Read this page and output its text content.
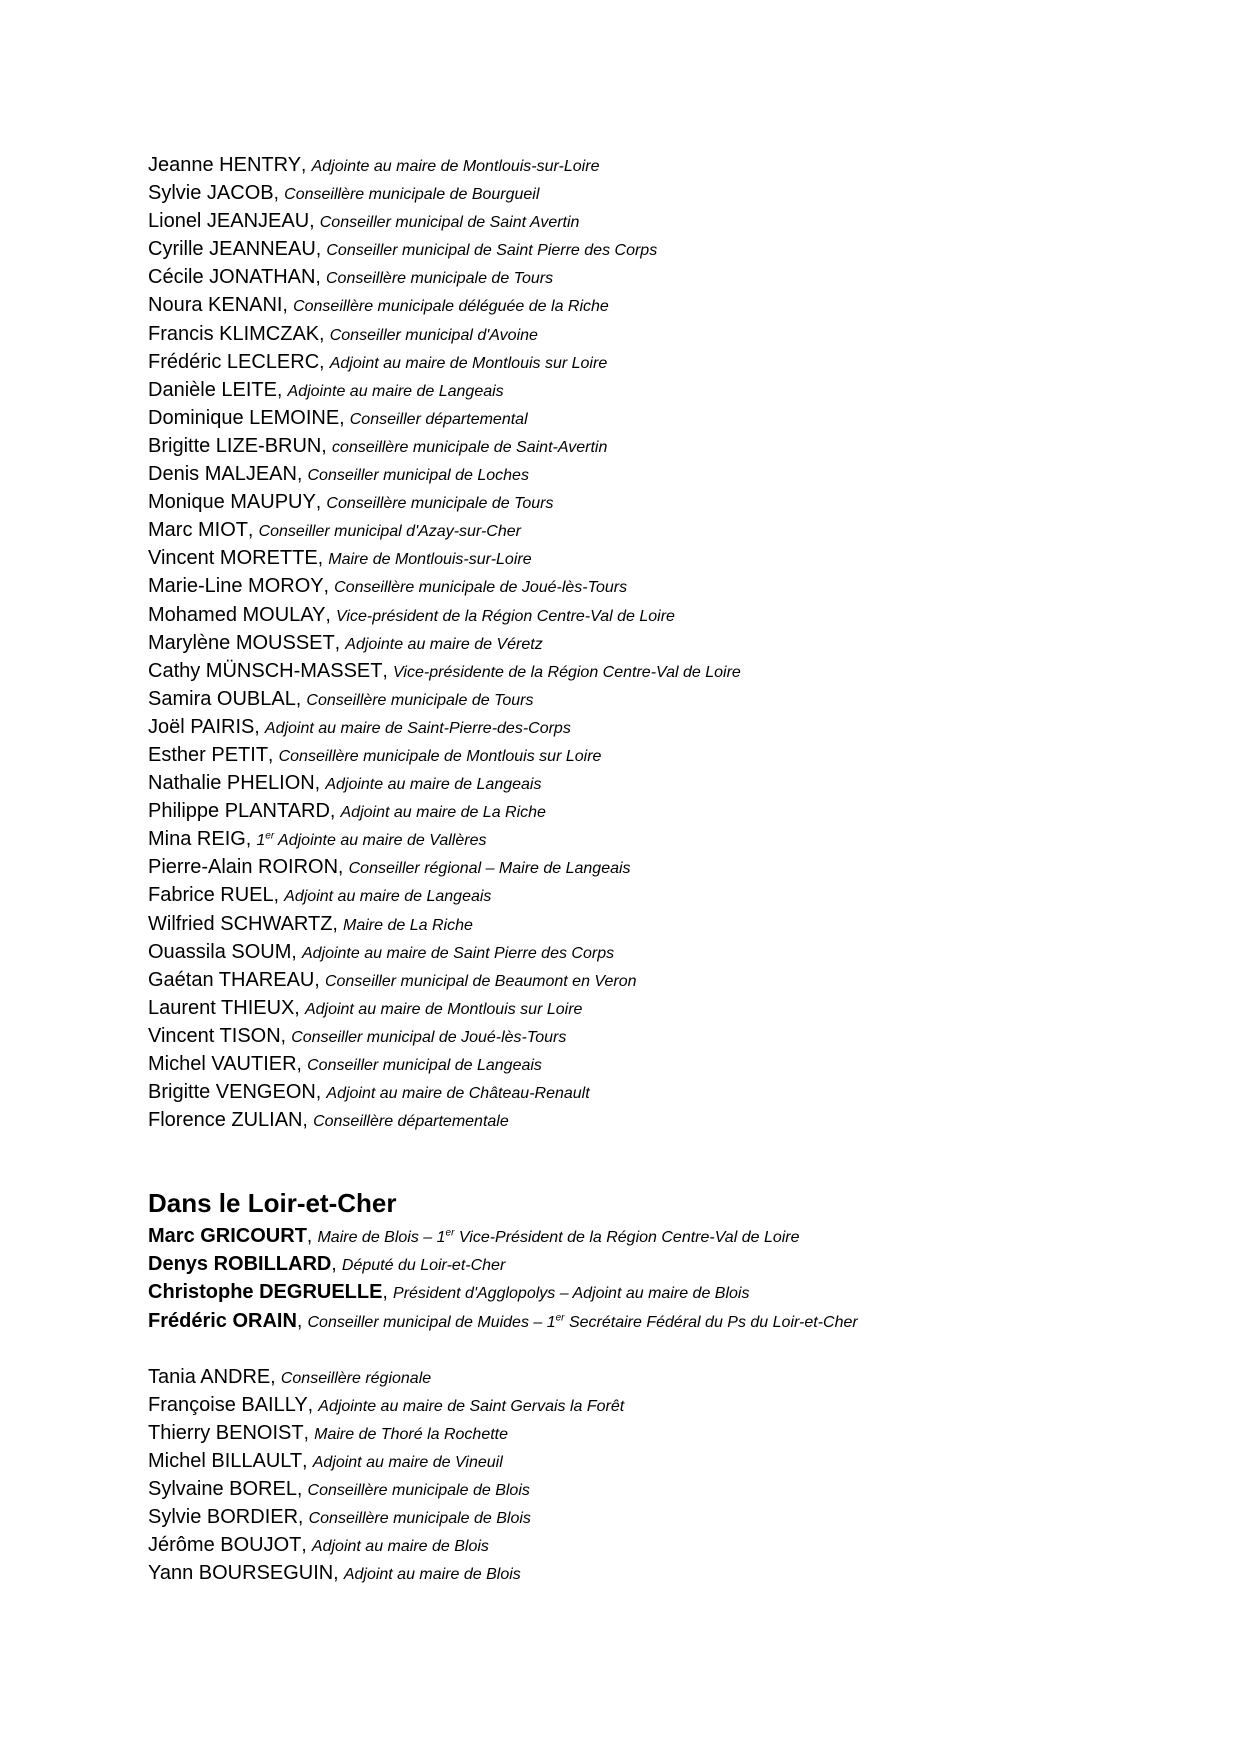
Jeanne HENTRY, Adjointe au maire de Montlouis-sur-Loire
Sylvie JACOB, Conseillère municipale de Bourgueil
Lionel JEANJEAU, Conseiller municipal de Saint Avertin
Cyrille JEANNEAU, Conseiller municipal de Saint Pierre des Corps
Cécile JONATHAN, Conseillère municipale de Tours
Noura KENANI, Conseillère municipale déléguée de la Riche
Francis KLIMCZAK, Conseiller municipal d'Avoine
Frédéric LECLERC, Adjoint au maire de Montlouis sur Loire
Danièle LEITE, Adjointe au maire de Langeais
Dominique LEMOINE, Conseiller départemental
Brigitte LIZE-BRUN, conseillère municipale de Saint-Avertin
Denis MALJEAN, Conseiller municipal de Loches
Monique MAUPUY, Conseillère municipale de Tours
Marc MIOT, Conseiller municipal d'Azay-sur-Cher
Vincent MORETTE, Maire de Montlouis-sur-Loire
Marie-Line MOROY, Conseillère municipale de Joué-lès-Tours
Mohamed MOULAY, Vice-président de la Région Centre-Val de Loire
Marylène MOUSSET, Adjointe au maire de Véretz
Cathy MÜNSCH-MASSET, Vice-présidente de la Région Centre-Val de Loire
Samira OUBLAL, Conseillère municipale de Tours
Joël PAIRIS, Adjoint au maire de Saint-Pierre-des-Corps
Esther PETIT, Conseillère municipale de Montlouis sur Loire
Nathalie PHELION, Adjointe au maire de Langeais
Philippe PLANTARD, Adjoint au maire de La Riche
Mina REIG, 1er Adjointe au maire de Vallères
Pierre-Alain ROIRON, Conseiller régional – Maire de Langeais
Fabrice RUEL, Adjoint au maire de Langeais
Wilfried SCHWARTZ, Maire de La Riche
Ouassila SOUM, Adjointe au maire de Saint Pierre des Corps
Gaétan THAREAU, Conseiller municipal de Beaumont en Veron
Laurent THIEUX, Adjoint au maire de Montlouis sur Loire
Vincent TISON, Conseiller municipal de Joué-lès-Tours
Michel VAUTIER, Conseiller municipal de Langeais
Brigitte VENGEON, Adjoint au maire de Château-Renault
Florence ZULIAN, Conseillère départementale
Dans le Loir-et-Cher
Marc GRICOURT, Maire de Blois – 1er Vice-Président de la Région Centre-Val de Loire
Denys ROBILLARD, Député du Loir-et-Cher
Christophe DEGRUELLE, Président d'Agglopolys – Adjoint au maire de Blois
Frédéric ORAIN, Conseiller municipal de Muides – 1er Secrétaire Fédéral du Ps du Loir-et-Cher
Tania ANDRE, Conseillère régionale
Françoise BAILLY, Adjointe au maire de Saint Gervais la Forêt
Thierry BENOIST, Maire de Thoré la Rochette
Michel BILLAULT, Adjoint au maire de Vineuil
Sylvaine BOREL, Conseillère municipale de Blois
Sylvie BORDIER, Conseillère municipale de Blois
Jérôme BOUJOT, Adjoint au maire de Blois
Yann BOURSEGUIN, Adjoint au maire de Blois
